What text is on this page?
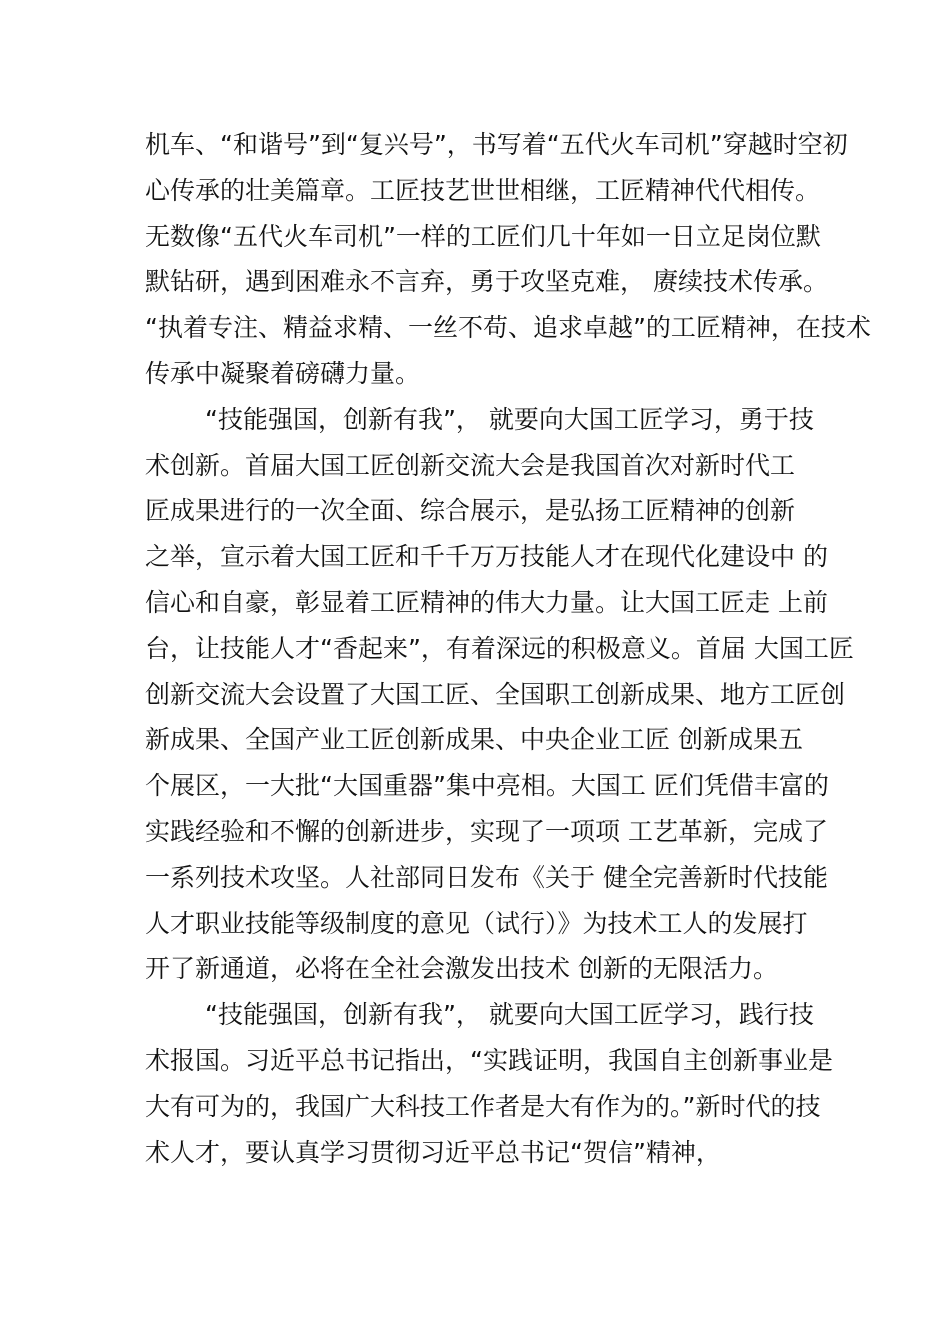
机车、“和谐号”到“复兴号”，书写着“五代火车司机”穿越时空初
心传承的壮美篇章。工匠技艺世世相继，工匠精神代代相传。
无数像“五代火车司机”一样的工匠们几十年如一日立足岗位默
默钻研，遇到困难永不言弃，勇于攻坚克难， 赓续技术传承。
“执着专注、精益求精、一丝不苟、追求卓越”的工匠精神，在技术
传承中凝聚着磅礴力量。
“技能强国，创新有我”， 就要向大国工匠学习，勇于技
术创新。首届大国工匠创新交流大会是我国首次对新时代工
匠成果进行的一次全面、综合展示，是弘扬工匠精神的创新
之举，宣示着大国工匠和千千万万技能人才在现代化建设中 的
信心和自豪，彰显着工匠精神的伟大力量。让大国工匠走 上前
台，让技能人才“香起来”，有着深远的积极意义。首届 大国工匠
创新交流大会设置了大国工匠、全国职工创新成果、地方工匠创
新成果、全国产业工匠创新成果、中央企业工匠 创新成果五
个展区，一大批“大国重器”集中亮相。大国工 匠们凭借丰富的
实践经验和不懈的创新进步，实现了一项项 工艺革新，完成了
一系列技术攻坚。人社部同日发布《关于 健全完善新时代技能
人才职业技能等级制度的意见（试行）》为技术工人的发展打
开了新通道，必将在全社会激发出技术 创新的无限活力。
“技能强国，创新有我”， 就要向大国工匠学习，践行技
术报国。习近平总书记指出，“实践证明，我国自主创新事业是
大有可为的，我国广大科技工作者是大有作为的。”新时代的技
术人才，要认真学习贯彻习近平总书记“贺信”精神，
